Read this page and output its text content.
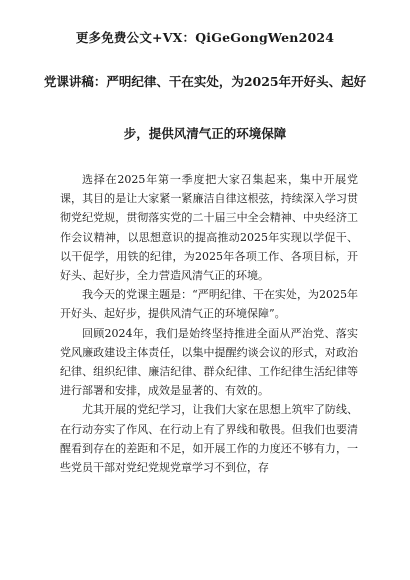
更多免费公文+VX：QiGeGongWen2024
党课讲稿：严明纪律、干在实处，为2025年开好头、起好
步，提供风清气正的环境保障

选择在2025年第一季度把大家召集起来，集中开展党课，其目的是让大家紧一紧廉洁自律这根弦，持续深入学习贯彻党纪党规，贯彻落实党的二十届三中全会精神、中央经济工作会议精神，以思想意识的提高推动2025年实现以学促干、以干促学，用铁的纪律，为2025年各项工作、各项目标，开好头、起好步，全力营造风清气正的环境。

我今天的党课主题是：“严明纪律、干在实处，为2025年开好头、起好步，提供风清气正的环境保障”。

回顾2024年，我们是始终坚持推进全面从严治党、落实党风廉政建设主体责任，以集中提醒约谈会议的形式，对政治纪律、组织纪律、廉洁纪律、群众纪律、工作纪律生活纪律等进行部署和安排，成效是显著的、有效的。

尤其开展的党纪学习，让我们大家在思想上筑牢了防线、在行动夯实了作风、在行动上有了界线和敬畏。但我们也要清醒看到存在的差距和不足，如开展工作的力度还不够有力，一些党员干部对党纪党规党章学习不到位，存
